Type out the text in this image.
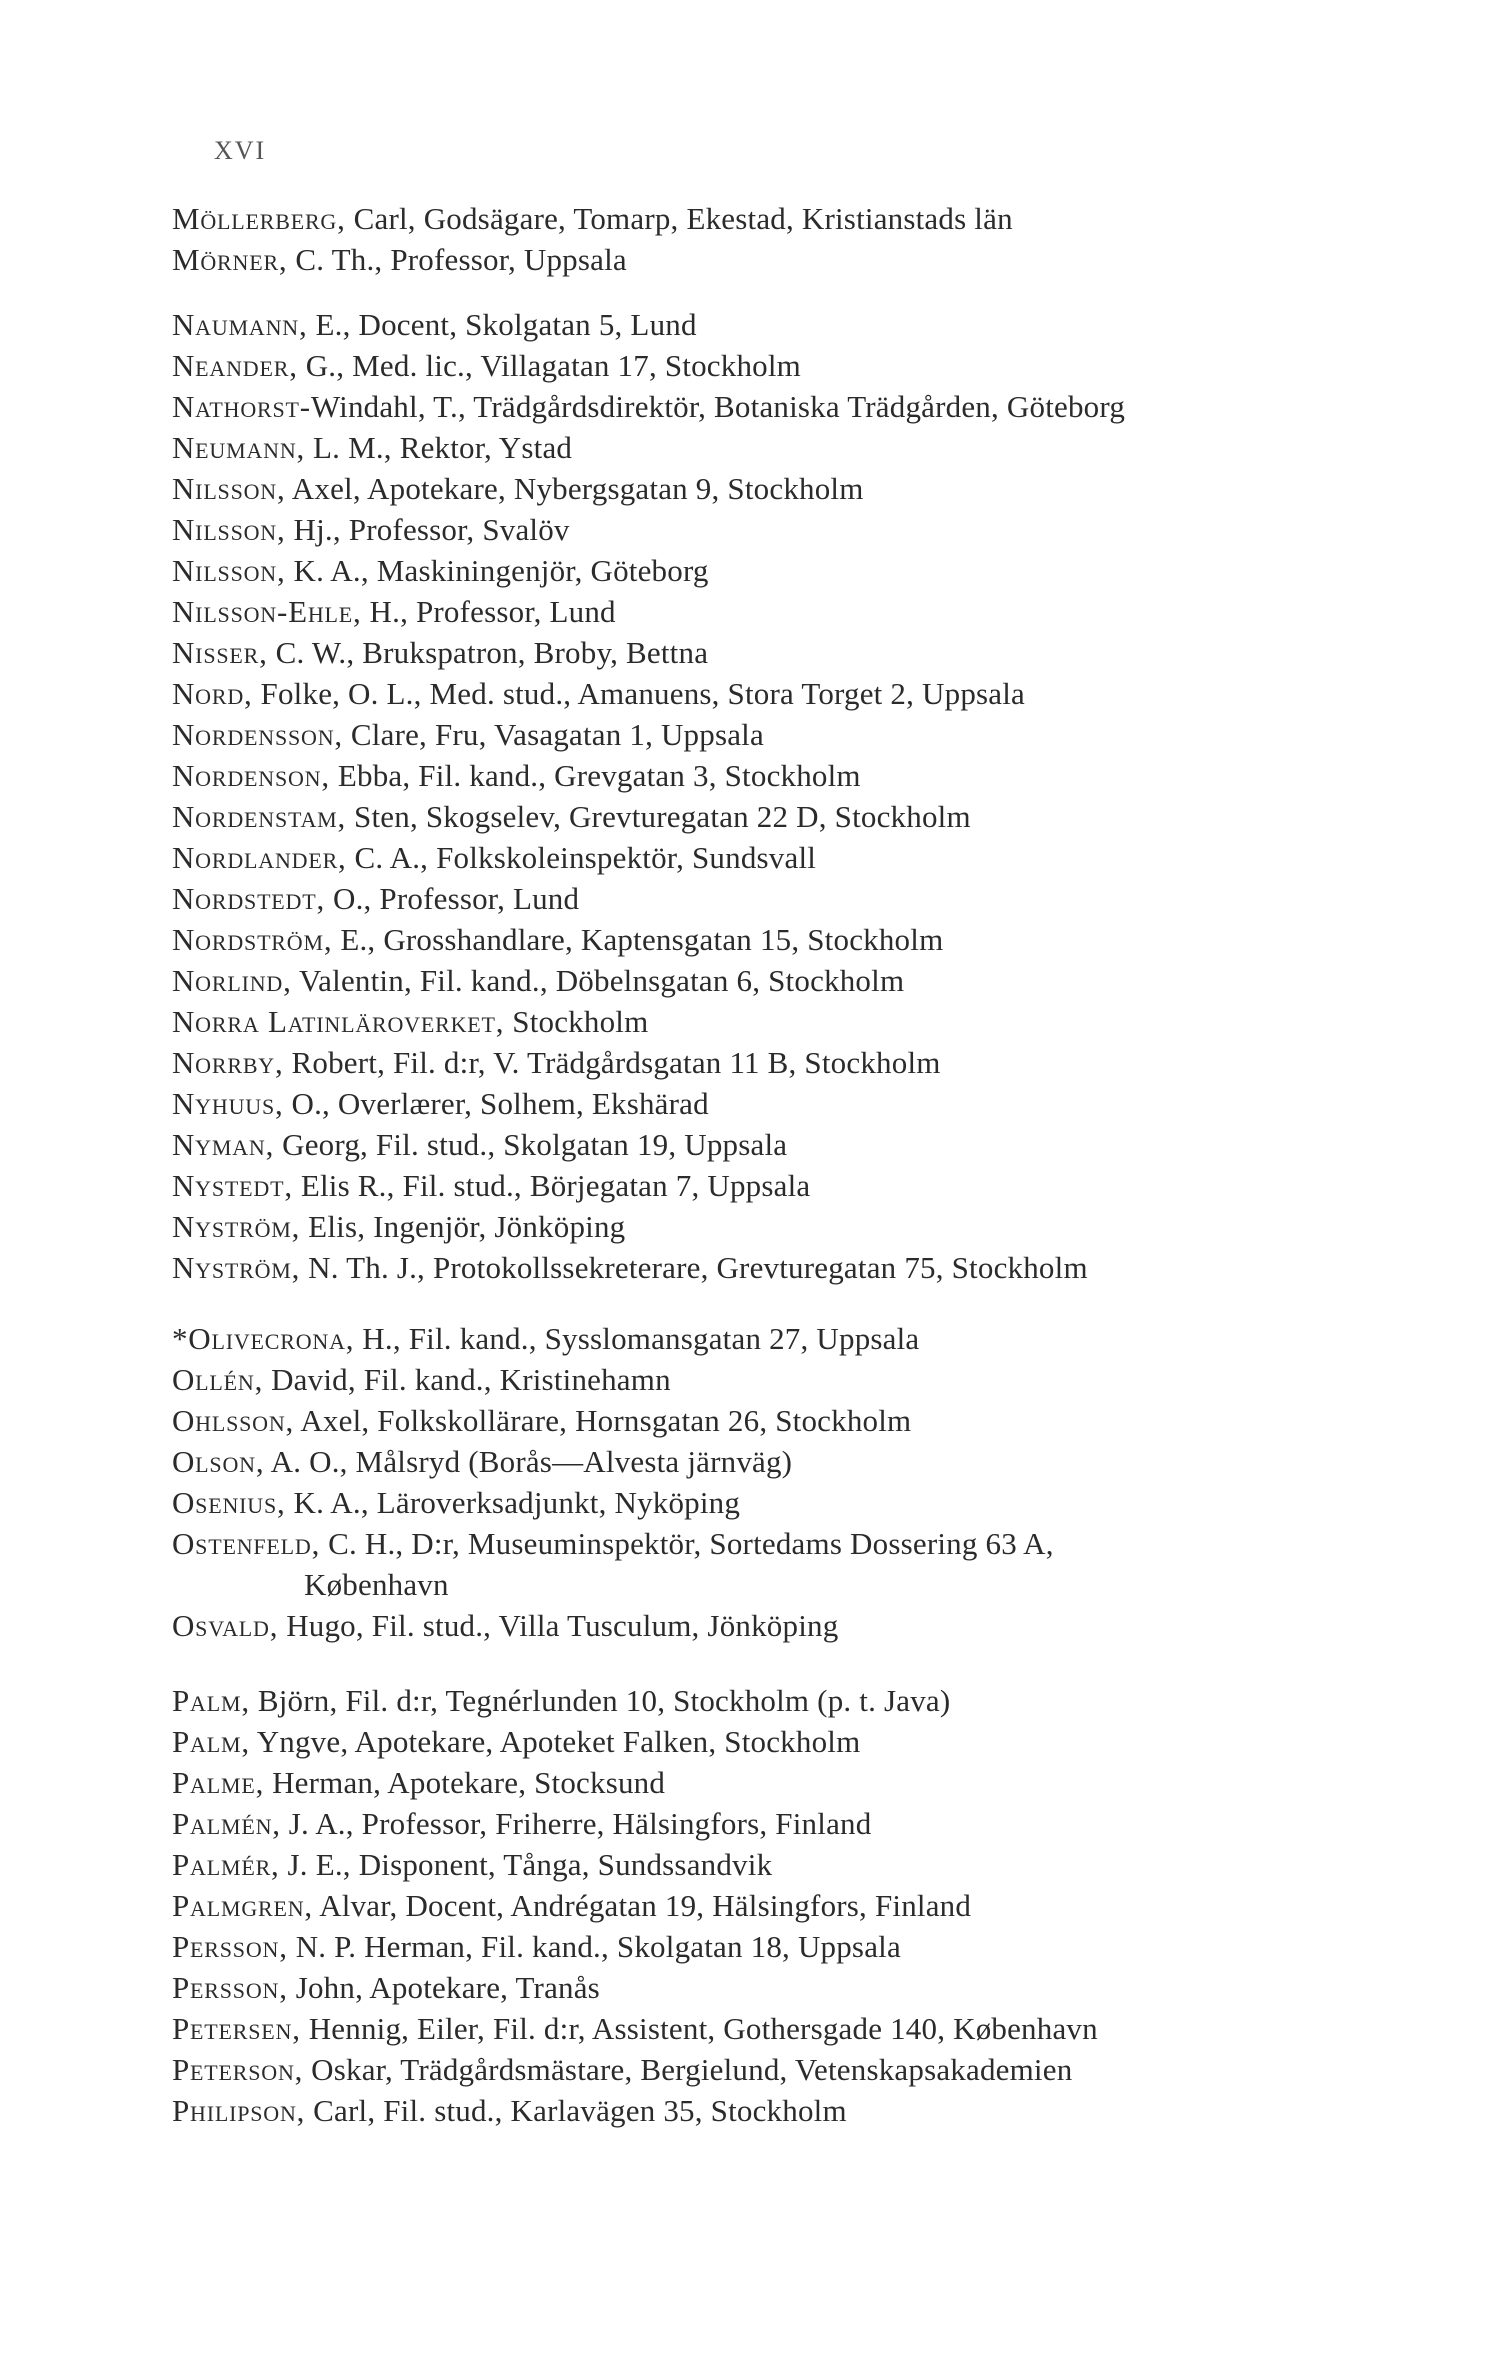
XVI
Möllerberg, Carl, Godsägare, Tomarp, Ekestad, Kristianstads län
Mörner, C. Th., Professor, Uppsala
Naumann, E., Docent, Skolgatan 5, Lund
Neander, G., Med. lic., Villagatan 17, Stockholm
Nathorst-Windahl, T., Trädgårdsdirektör, Botaniska Trädgården, Göteborg
Neumann, L. M., Rektor, Ystad
Nilsson, Axel, Apotekare, Nybergsgatan 9, Stockholm
Nilsson, Hj., Professor, Svalöv
Nilsson, K. A., Maskiningenjör, Göteborg
Nilsson-Ehle, H., Professor, Lund
Nisser, C. W., Brukspatron, Broby, Bettna
Nord, Folke, O. L., Med. stud., Amanuens, Stora Torget 2, Uppsala
Nordensson, Clare, Fru, Vasagatan 1, Uppsala
Nordenson, Ebba, Fil. kand., Grevgatan 3, Stockholm
Nordenstam, Sten, Skogselev, Grevturegatan 22 D, Stockholm
Nordlander, C. A., Folkskoleinspektör, Sundsvall
Nordstedt, O., Professor, Lund
Nordström, E., Grosshandlare, Kaptensgatan 15, Stockholm
Norlind, Valentin, Fil. kand., Döbelnsgatan 6, Stockholm
Norra Latinläroverket, Stockholm
Norrby, Robert, Fil. d:r, V. Trädgårdsgatan 11 B, Stockholm
Nyhuus, O., Overlærer, Solhem, Ekshärad
Nyman, Georg, Fil. stud., Skolgatan 19, Uppsala
Nystedt, Elis R., Fil. stud., Börjegatan 7, Uppsala
Nyström, Elis, Ingenjör, Jönköping
Nyström, N. Th. J., Protokollssekreterare, Grevturegatan 75, Stockholm
*Olivecrona, H., Fil. kand., Sysslomansgatan 27, Uppsala
Ollén, David, Fil. kand., Kristinehamn
Ohlsson, Axel, Folkskollärare, Hornsgatan 26, Stockholm
Olson, A. O., Målsryd (Borås—Alvesta järnväg)
Osenius, K. A., Läroverksadjunkt, Nyköping
Ostenfeld, C. H., D:r, Museuminspektör, Sortedams Dossering 63 A,
København
Osvald, Hugo, Fil. stud., Villa Tusculum, Jönköping
Palm, Björn, Fil. d:r, Tegnérlunden 10, Stockholm (p. t. Java)
Palm, Yngve, Apotekare, Apoteket Falken, Stockholm
Palme, Herman, Apotekare, Stocksund
Palmén, J. A., Professor, Friherre, Hälsingfors, Finland
Palmér, J. E., Disponent, Tånga, Sundssandvik
Palmgren, Alvar, Docent, Andrégatan 19, Hälsingfors, Finland
Persson, N. P. Herman, Fil. kand., Skolgatan 18, Uppsala
Persson, John, Apotekare, Tranås
Petersen, Hennig, Eiler, Fil. d:r, Assistent, Gothersgade 140, København
Peterson, Oskar, Trädgårdsmästare, Bergielund, Vetenskapsakademien
Philipson, Carl, Fil. stud., Karlavägen 35, Stockholm
